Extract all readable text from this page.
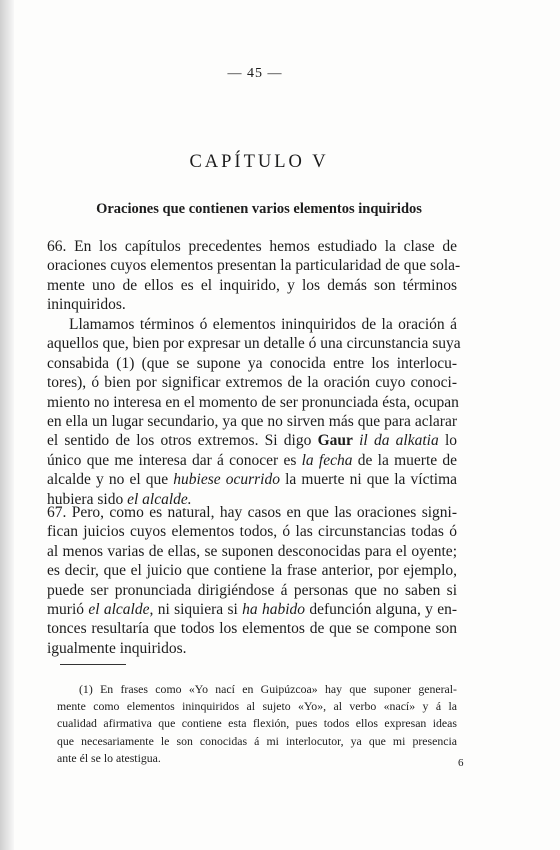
— 45 —
CAPÍTULO V
Oraciones que contienen varios elementos inquiridos
66. En los capítulos precedentes hemos estudiado la clase de
oraciones cuyos elementos presentan la particularidad de que sola-
mente uno de ellos es el inquirido, y los demás son términos
ininquiridos.
Llamamos términos ó elementos ininquiridos de la oración á
aquellos que, bien por expresar un detalle ó una circunstancia suya
consabida (1) (que se supone ya conocida entre los interlocu-
tores), ó bien por significar extremos de la oración cuyo conoci-
miento no interesa en el momento de ser pronunciada ésta, ocupan
en ella un lugar secundario, ya que no sirven más que para aclarar
el sentido de los otros extremos. Si digo Gaur il da alkatia lo
único que me interesa dar á conocer es la fecha de la muerte de
alcalde y no el que hubiese ocurrido la muerte ni que la víctima
hubiera sido el alcalde.
67. Pero, como es natural, hay casos en que las oraciones signi-
fican juicios cuyos elementos todos, ó las circunstancias todas ó
al menos varias de ellas, se suponen desconocidas para el oyente;
es decir, que el juicio que contiene la frase anterior, por ejemplo,
puede ser pronunciada dirigiéndose á personas que no saben si
murió el alcalde, ni siquiera si ha habido defunción alguna, y en-
tonces resultaría que todos los elementos de que se compone son
igualmente inquiridos.
(1) En frases como «Yo nací en Guipúzcoa» hay que suponer general-
mente como elementos ininquiridos al sujeto «Yo», al verbo «nací» y á la
cualidad afirmativa que contiene esta flexión, pues todos ellos expresan ideas
que necesariamente le son conocidas á mi interlocutor, ya que mi presencia
ante él se lo atestigua.	6
